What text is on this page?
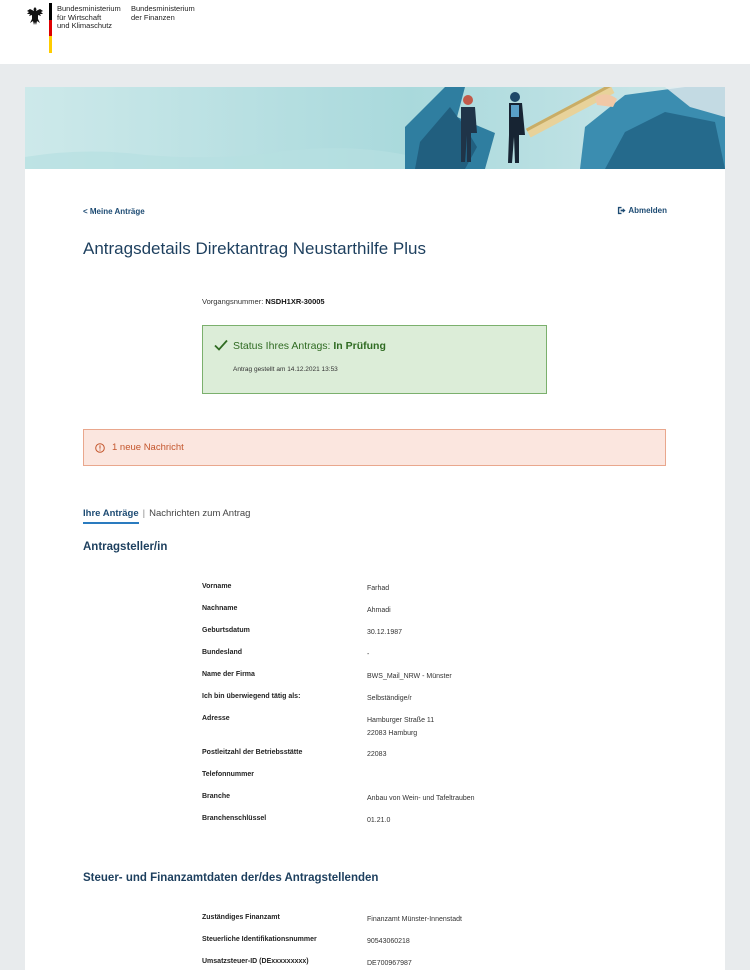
Bundesministerium
für Wirtschaft
und Klimaschutz
Bundesministerium
der Finanzen
< Meine Anträge	Abmelden
Antragsdetails Direktantrag Neustarthilfe Plus
Vorgangsnummer: NSDH1XR-30005
Status Ihres Antrags: In Prüfung
Antrag gestellt am 14.12.2021 13:53
1 neue Nachricht
Ihre Anträge | Nachrichten zum Antrag
Antragsteller/in
Vorname	Farhad
Nachname	Ahmadi
Geburtsdatum	30.12.1987
Bundesland	-
Name der Firma	BWS_Mail_NRW - Münster
Ich bin überwiegend tätig als:	Selbständige/r
Adresse	Hamburger Straße 11
22083 Hamburg
Postleitzahl der Betriebsstätte	22083
Telefonnummer
Branche	Anbau von Wein- und Tafeltrauben
Branchenschlüssel	01.21.0
Steuer- und Finanzamtdaten der/des Antragstellenden
Zuständiges Finanzamt	Finanzamt Münster-Innenstadt
Steuerliche Identifikationsnummer	90543060218
Umsatzsteuer-ID (DExxxxxxxxx)	DE700967987
